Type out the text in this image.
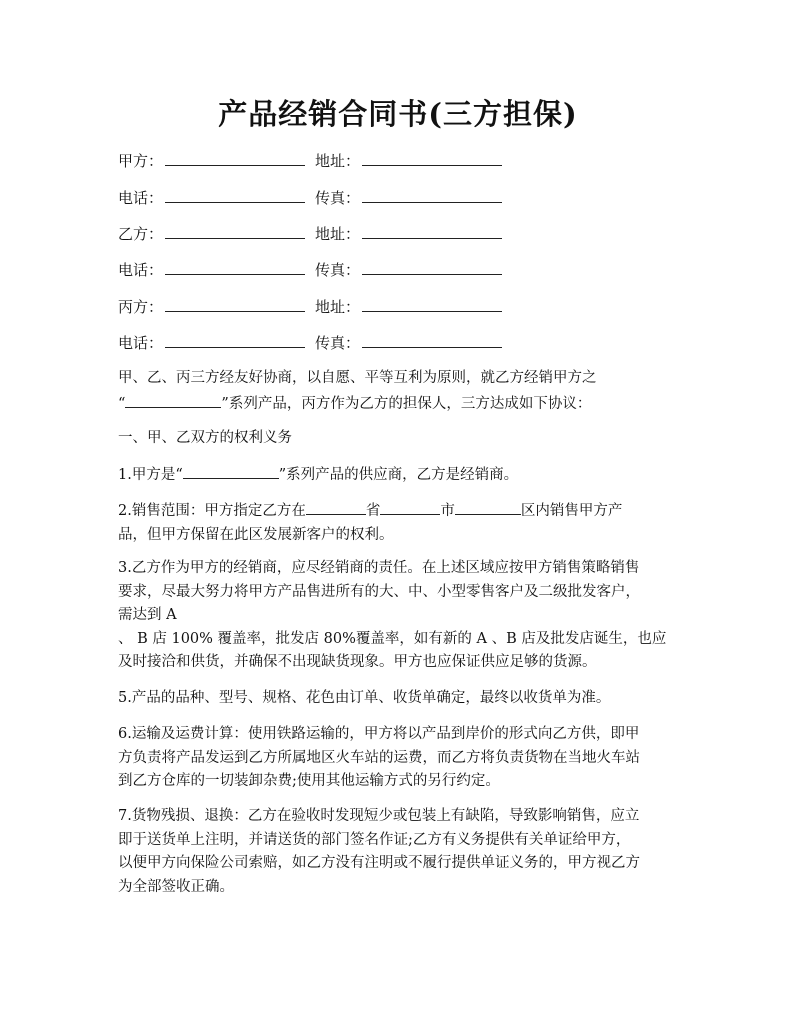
产品经销合同书(三方担保)
甲方：	地址：
电话：	传真：
乙方：	地址：
电话：	传真：
丙方：	地址：
电话：	传真：

甲、乙、丙三方经友好协商，以自愿、平等互利为原则，就乙方经销甲方之
“	”系列产品，丙方作为乙方的担保人，三方达成如下协议：

一、甲、乙双方的权利义务

1.甲方是“	”系列产品的供应商，乙方是经销商。

2.销售范围：甲方指定乙方在	省	市	区内销售甲方产
品，但甲方保留在此区发展新客户的权利。

3.乙方作为甲方的经销商，应尽经销商的责任。在上述区域应按甲方销售策略销售
要求，尽最大努力将甲方产品售进所有的大、中、小型零售客户及二级批发客户，
需达到 A
、 B 店 100% 覆盖率，批发店 80%覆盖率，如有新的 A 、B 店及批发店诞生，也应
及时接洽和供货，并确保不出现缺货现象。甲方也应保证供应足够的货源。

5.产品的品种、型号、规格、花色由订单、收货单确定，最终以收货单为准。

6.运输及运费计算：使用铁路运输的，甲方将以产品到岸价的形式向乙方供，即甲
方负责将产品发运到乙方所属地区火车站的运费，而乙方将负责货物在当地火车站
到乙方仓库的一切装卸杂费;使用其他运输方式的另行约定。

7.货物残损、退换：乙方在验收时发现短少或包装上有缺陷，导致影响销售，应立
即于送货单上注明，并请送货的部门签名作证;乙方有义务提供有关单证给甲方，
以便甲方向保险公司索赔，如乙方没有注明或不履行提供单证义务的，甲方视乙方
为全部签收正确。
